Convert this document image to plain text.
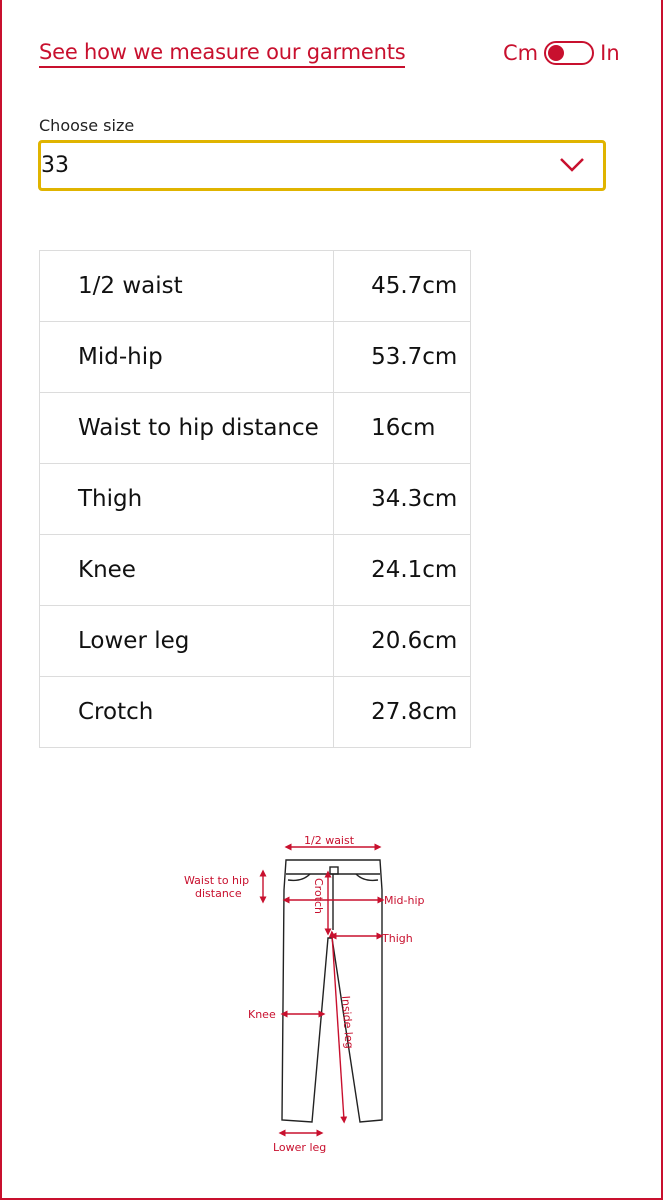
See how we measure our garments	Cm	In
Choose size
33
1/2 waist	45.7cm
Mid-hip	53.7cm
Waist to hip distance	16cm
Thigh	34.3cm
Knee	24.1cm
Lower leg	20.6cm
Crotch	27.8cm
1/2 waist
Waist to hip
distance	Crotch	Mid-hip
Thigh
Knee	Inside leg
Lower leg
